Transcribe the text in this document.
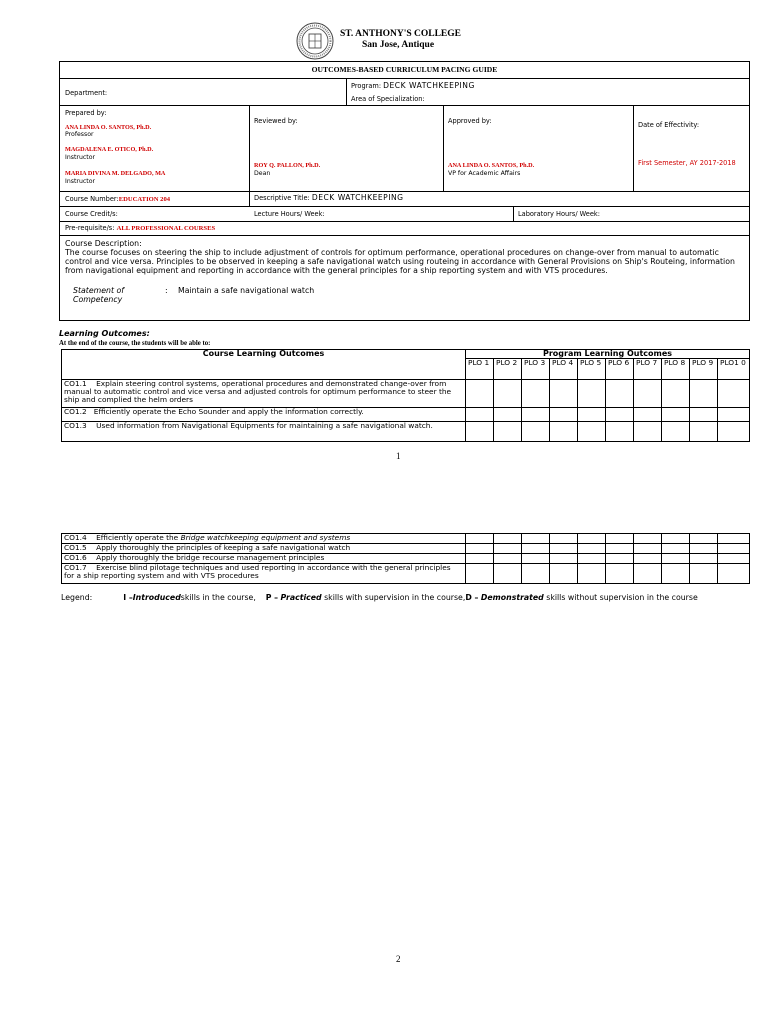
ST. ANTHONY'S COLLEGE
San Jose, Antique
OUTCOMES-BASED CURRICULUM PACING GUIDE
Department:
Program: DECK WATCHKEEPING
Area of Specialization:
Prepared by:
ANA LINDA O. SANTOS, Ph.D.
Professor
MAGDALENA E. OTICO, Ph.D.
Instructor
MARIA DIVINA M. DELGADO, MA
Instructor
Reviewed by:
ROY Q. PALLON, Ph.D.
Dean
Approved by:
ANA LINDA O. SANTOS, Ph.D.
VP for Academic Affairs
Date of Effectivity:
First Semester, AY 2017-2018
Course Number:EDUCATION 204	Descriptive Title: DECK WATCHKEEPING
Course Credit/s:	Lecture Hours/ Week:	Laboratory Hours/ Week:
Pre-requisite/s: ALL PROFESSIONAL COURSES
Course Description:
The course focuses on steering the ship to include adjustment of controls for optimum performance, operational procedures on change-over from manual to automatic control and vice versa. Principles to be observed in keeping a safe navigational watch using routeing in accordance with General Provisions on Ship's Routeing, information from navigational equipment and reporting in accordance with the general principles for a ship reporting system and with VTS procedures.
Statement of Competency
: Maintain a safe navigational watch
Learning Outcomes:
At the end of the course, the students will be able to:
Course Learning Outcomes	Program Learning Outcomes									
	PLO 1	PLO 2	PLO 3	PLO 4	PLO 5	PLO 6	PLO 7	PLO 8	PLO 9	PLO1 0
CO1.1 Explain steering control systems, operational procedures and demonstrated change-over from manual to automatic control and vice versa and adjusted controls for optimum performance to steer the ship and complied the helm orders										
CO1.2 Efficiently operate the Echo Sounder and apply the information correctly.										
CO1.3 Used information from Navigational Equipments for maintaining a safe navigational watch.										
1
CO1.4 Efficiently operate the Bridge watchkeeping equipment and systems										
CO1.5 Apply thoroughly the principles of keeping a safe navigational watch										
CO1.6 Apply thoroughly the bridge recourse management principles										
CO1.7 Exercise blind pilotage techniques and used reporting in accordance with the general principles for a ship reporting system and with VTS procedures										
Legend:	I –Introducedskills in the course, P – Practiced skills with supervision in the course,D – Demonstrated skills without supervision in the course
2
